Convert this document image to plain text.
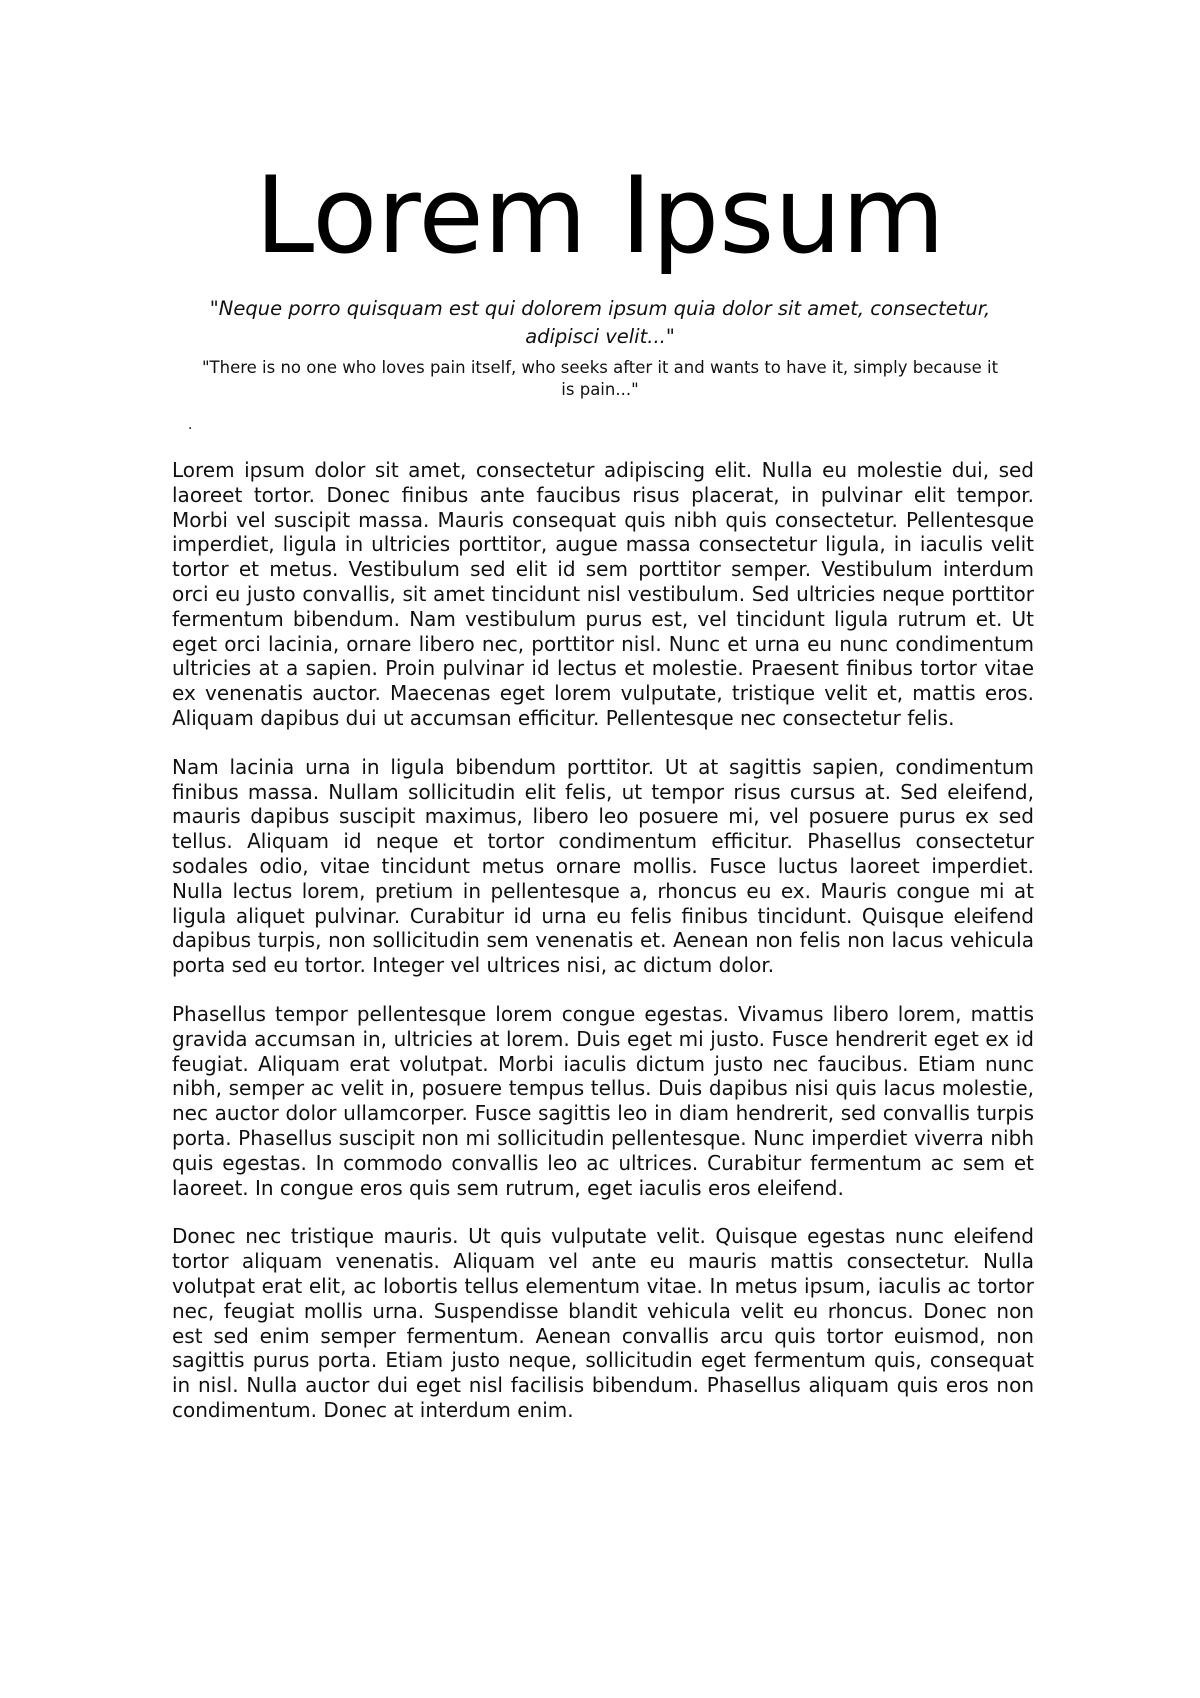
Lorem Ipsum

"Neque porro quisquam est qui dolorem ipsum quia dolor sit amet, consectetur, adipisci velit..."

"There is no one who loves pain itself, who seeks after it and wants to have it, simply because it is pain..."

.

Lorem ipsum dolor sit amet, consectetur adipiscing elit. Nulla eu molestie dui, sed laoreet tortor. Donec finibus ante faucibus risus placerat, in pulvinar elit tempor. Morbi vel suscipit massa. Mauris consequat quis nibh quis consectetur. Pellentesque imperdiet, ligula in ultricies porttitor, augue massa consectetur ligula, in iaculis velit tortor et metus. Vestibulum sed elit id sem porttitor semper. Vestibulum interdum orci eu justo convallis, sit amet tincidunt nisl vestibulum. Sed ultricies neque porttitor fermentum bibendum. Nam vestibulum purus est, vel tincidunt ligula rutrum et. Ut eget orci lacinia, ornare libero nec, porttitor nisl. Nunc et urna eu nunc condimentum ultricies at a sapien. Proin pulvinar id lectus et molestie. Praesent finibus tortor vitae ex venenatis auctor. Maecenas eget lorem vulputate, tristique velit et, mattis eros. Aliquam dapibus dui ut accumsan efficitur. Pellentesque nec consectetur felis.

Nam lacinia urna in ligula bibendum porttitor. Ut at sagittis sapien, condimentum finibus massa. Nullam sollicitudin elit felis, ut tempor risus cursus at. Sed eleifend, mauris dapibus suscipit maximus, libero leo posuere mi, vel posuere purus ex sed tellus. Aliquam id neque et tortor condimentum efficitur. Phasellus consectetur sodales odio, vitae tincidunt metus ornare mollis. Fusce luctus laoreet imperdiet. Nulla lectus lorem, pretium in pellentesque a, rhoncus eu ex. Mauris congue mi at ligula aliquet pulvinar. Curabitur id urna eu felis finibus tincidunt. Quisque eleifend dapibus turpis, non sollicitudin sem venenatis et. Aenean non felis non lacus vehicula porta sed eu tortor. Integer vel ultrices nisi, ac dictum dolor.

Phasellus tempor pellentesque lorem congue egestas. Vivamus libero lorem, mattis gravida accumsan in, ultricies at lorem. Duis eget mi justo. Fusce hendrerit eget ex id feugiat. Aliquam erat volutpat. Morbi iaculis dictum justo nec faucibus. Etiam nunc nibh, semper ac velit in, posuere tempus tellus. Duis dapibus nisi quis lacus molestie, nec auctor dolor ullamcorper. Fusce sagittis leo in diam hendrerit, sed convallis turpis porta. Phasellus suscipit non mi sollicitudin pellentesque. Nunc imperdiet viverra nibh quis egestas. In commodo convallis leo ac ultrices. Curabitur fermentum ac sem et laoreet. In congue eros quis sem rutrum, eget iaculis eros eleifend.

Donec nec tristique mauris. Ut quis vulputate velit. Quisque egestas nunc eleifend tortor aliquam venenatis. Aliquam vel ante eu mauris mattis consectetur. Nulla volutpat erat elit, ac lobortis tellus elementum vitae. In metus ipsum, iaculis ac tortor nec, feugiat mollis urna. Suspendisse blandit vehicula velit eu rhoncus. Donec non est sed enim semper fermentum. Aenean convallis arcu quis tortor euismod, non sagittis purus porta. Etiam justo neque, sollicitudin eget fermentum quis, consequat in nisl. Nulla auctor dui eget nisl facilisis bibendum. Phasellus aliquam quis eros non condimentum. Donec at interdum enim.
